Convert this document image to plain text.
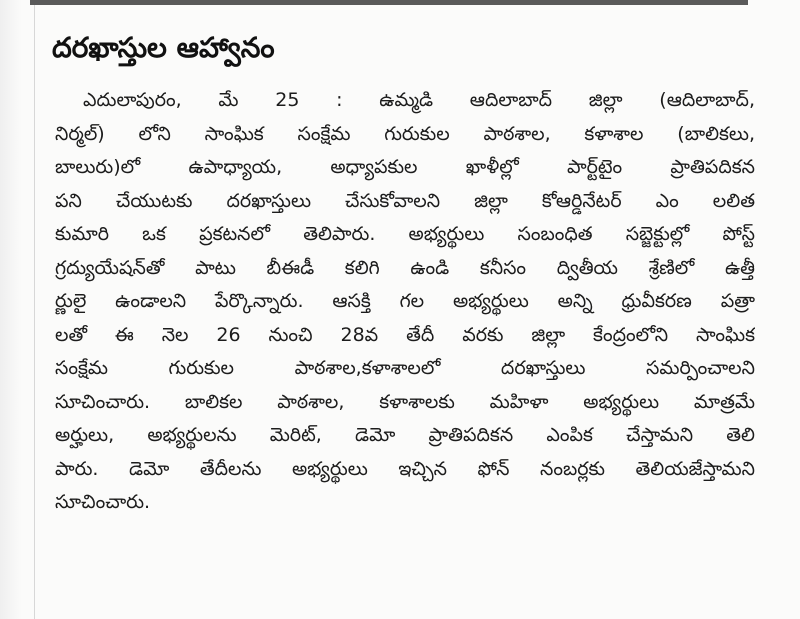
దరఖాస్తుల ఆహ్వానం
ఎదులాపురం, మే 25 : ఉమ్మడి ఆదిలాబాద్ జిల్లా (ఆదిలాబాద్,
నిర్మల్) లోని సాంఘిక సంక్షేమ గురుకుల పాఠశాల, కళాశాల (బాలికలు,
బాలురు)లో ఉపాధ్యాయ, అధ్యాపకుల ఖాళీల్లో పార్ట్‌టైం ప్రాతిపదికన
పని చేయుటకు దరఖాస్తులు చేసుకోవాలని జిల్లా కోఆర్డినేటర్ ఎం లలిత
కుమారి ఒక ప్రకటనలో తెలిపారు. అభ్యర్థులు సంబంధిత సబ్జెక్టుల్లో పోస్ట్
గ్రద్యుయేషన్‌తో పాటు బీఈడీ కలిగి ఉండి కనీసం ద్వితీయ శ్రేణిలో ఉత్తీ
ర్ణులై ఉండాలని పేర్కొన్నారు. ఆసక్తి గల అభ్యర్థులు అన్ని ధ్రువీకరణ పత్రా
లతో ఈ నెల 26 నుంచి 28వ తేదీ వరకు జిల్లా కేంద్రంలోని సాంఘిక
సంక్షేమ గురుకుల పాఠశాల,కళాశాలలో దరఖాస్తులు సమర్పించాలని
సూచించారు. బాలికల పాఠశాల, కళాశాలకు మహిళా అభ్యర్థులు మాత్రమే
అర్హులు, అభ్యర్థులను మెరిట్, డెమో ప్రాతిపదికన ఎంపిక చేస్తామని తెలి
పారు. డెమో తేదీలను అభ్యర్థులు ఇచ్చిన ఫోన్ నంబర్లకు తెలియజేస్తామని
సూచించారు.
